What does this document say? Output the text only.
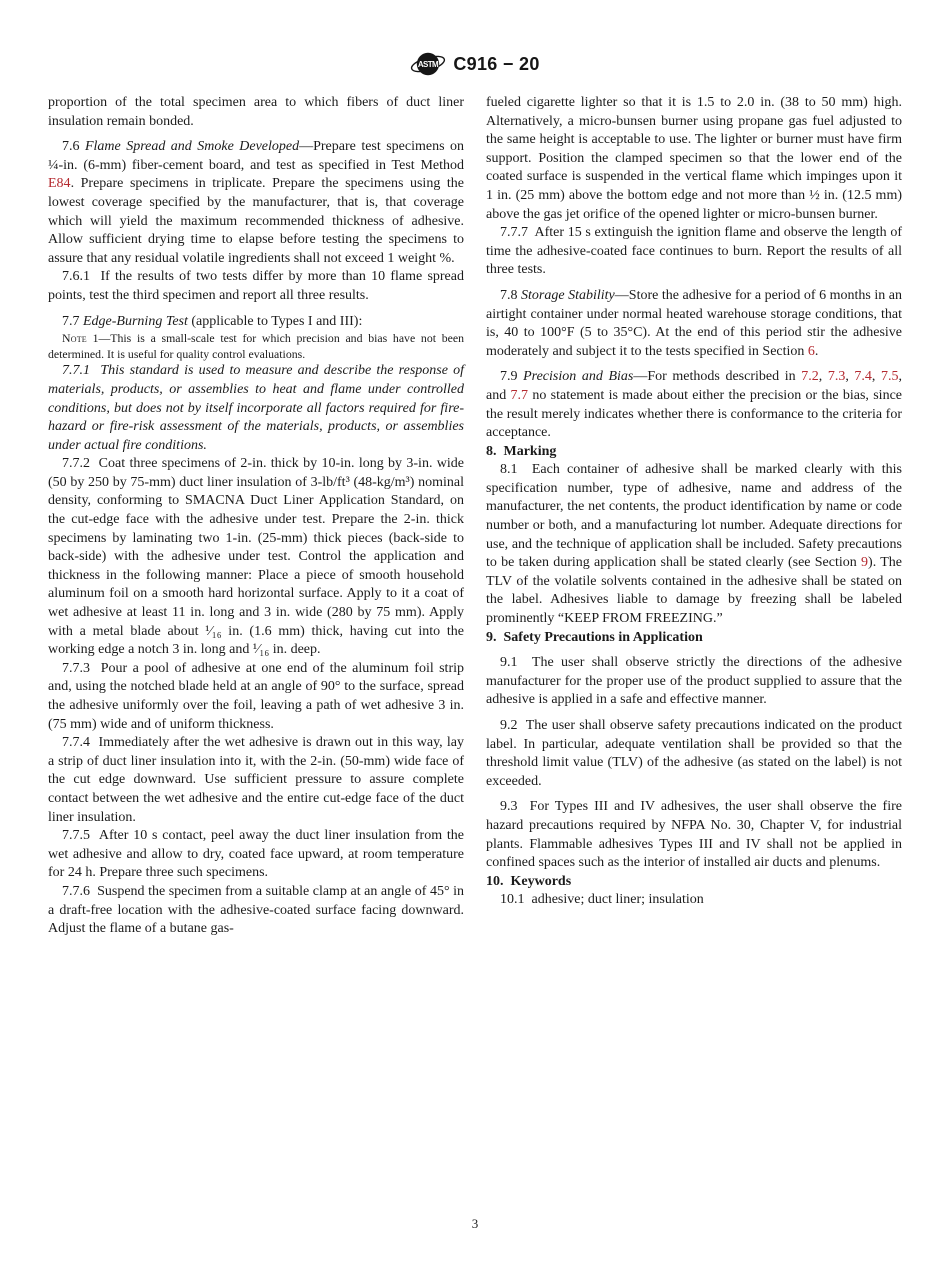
ASTM C916 − 20

proportion of the total specimen area to which fibers of duct liner insulation remain bonded.

7.6 Flame Spread and Smoke Developed—Prepare test specimens on ¼-in. (6-mm) fiber-cement board, and test as specified in Test Method E84. Prepare specimens in triplicate. Prepare the specimens using the lowest coverage specified by the manufacturer, that is, that coverage which will yield the maximum recommended thickness of adhesive. Allow sufficient drying time to elapse before testing the specimens to assure that any residual volatile ingredients shall not exceed 1 weight %.

7.6.1  If the results of two tests differ by more than 10 flame spread points, test the third specimen and report all three results.

7.7 Edge-Burning Test (applicable to Types I and III):

Note 1—This is a small-scale test for which precision and bias have not been determined. It is useful for quality control evaluations.

7.7.1  This standard is used to measure and describe the response of materials, products, or assemblies to heat and flame under controlled conditions, but does not by itself incorporate all factors required for fire-hazard or fire-risk assessment of the materials, products, or assemblies under actual fire conditions.

7.7.2  Coat three specimens of 2-in. thick by 10-in. long by 3-in. wide (50 by 250 by 75-mm) duct liner insulation of 3-lb/ft³ (48-kg/m³) nominal density, conforming to SMACNA Duct Liner Application Standard, on the cut-edge face with the adhesive under test. Prepare the 2-in. thick specimens by laminating two 1-in. (25-mm) thick pieces (back-side to back-side) with the adhesive under test. Control the application and thickness in the following manner: Place a piece of smooth household aluminum foil on a smooth hard horizontal surface. Apply to it a coat of wet adhesive at least 11 in. long and 3 in. wide (280 by 75 mm). Apply with a metal blade about ¹⁄₁₆ in. (1.6 mm) thick, having cut into the working edge a notch 3 in. long and ¹⁄₁₆ in. deep.

7.7.3  Pour a pool of adhesive at one end of the aluminum foil strip and, using the notched blade held at an angle of 90° to the surface, spread the adhesive uniformly over the foil, leaving a path of wet adhesive 3 in. (75 mm) wide and of uniform thickness.

7.7.4  Immediately after the wet adhesive is drawn out in this way, lay a strip of duct liner insulation into it, with the 2-in. (50-mm) wide face of the cut edge downward. Use sufficient pressure to assure complete contact between the wet adhesive and the entire cut-edge face of the duct liner insulation.

7.7.5  After 10 s contact, peel away the duct liner insulation from the wet adhesive and allow to dry, coated face upward, at room temperature for 24 h. Prepare three such specimens.

7.7.6  Suspend the specimen from a suitable clamp at an angle of 45° in a draft-free location with the adhesive-coated surface facing downward. Adjust the flame of a butane gas-

fueled cigarette lighter so that it is 1.5 to 2.0 in. (38 to 50 mm) high. Alternatively, a micro-bunsen burner using propane gas fuel adjusted to the same height is acceptable to use. The lighter or burner must have firm support. Position the clamped specimen so that the lower end of the coated surface is suspended in the vertical flame which impinges upon it 1 in. (25 mm) above the bottom edge and not more than ½ in. (12.5 mm) above the gas jet orifice of the opened lighter or micro-bunsen burner.

7.7.7  After 15 s extinguish the ignition flame and observe the length of time the adhesive-coated face continues to burn. Report the results of all three tests.

7.8 Storage Stability—Store the adhesive for a period of 6 months in an airtight container under normal heated warehouse storage conditions, that is, 40 to 100°F (5 to 35°C). At the end of this period stir the adhesive moderately and subject it to the tests specified in Section 6.

7.9 Precision and Bias—For methods described in 7.2, 7.3, 7.4, 7.5, and 7.7 no statement is made about either the precision or the bias, since the result merely indicates whether there is conformance to the criteria for acceptance.

8.  Marking

8.1  Each container of adhesive shall be marked clearly with this specification number, type of adhesive, name and address of the manufacturer, the net contents, the product identification by name or code number or both, and a manufacturing lot number. Adequate directions for use, and the technique of application shall be included. Safety precautions to be taken during application shall be stated clearly (see Section 9). The TLV of the volatile solvents contained in the adhesive shall be stated on the label. Adhesives liable to damage by freezing shall be labeled prominently “KEEP FROM FREEZING.”

9.  Safety Precautions in Application

9.1  The user shall observe strictly the directions of the adhesive manufacturer for the proper use of the product supplied to assure that the adhesive is applied in a safe and effective manner.

9.2  The user shall observe safety precautions indicated on the product label. In particular, adequate ventilation shall be provided so that the threshold limit value (TLV) of the adhesive (as stated on the label) is not exceeded.

9.3  For Types III and IV adhesives, the user shall observe the fire hazard precautions required by NFPA No. 30, Chapter V, for industrial plants. Flammable adhesives Types III and IV shall not be applied in confined spaces such as the interior of installed air ducts and plenums.

10.  Keywords

10.1  adhesive; duct liner; insulation

3
